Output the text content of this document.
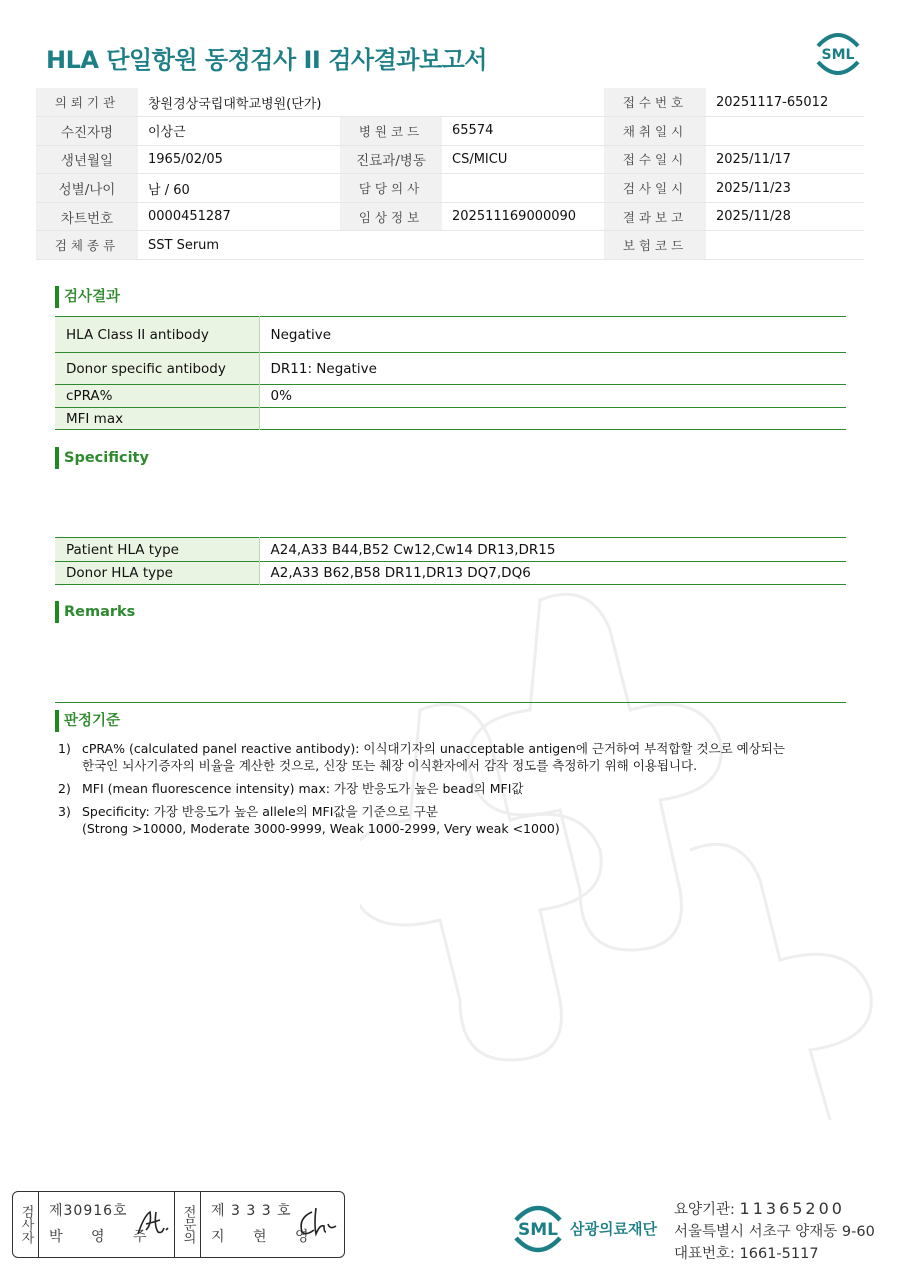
HLA 단일항원 동정검사 II 검사결과보고서	SML
의뢰기관	창원경상국립대학교병원(단가)			접수번호	20251117-65012
수진자명	이상근	병원코드	65574	채취일시	
생년월일	1965/02/05	진료과/병동	CS/MICU	접수일시	2025/11/17
성별/나이	남 / 60	담당의사		검사일시	2025/11/23
차트번호	0000451287	임상정보	202511169000090	결과보고	2025/11/28
검체종류	SST Serum			보험코드	
검사결과
HLA Class II antibody	Negative
Donor specific antibody	DR11: Negative
cPRA%	0%
MFI max	
Specificity
Patient HLA type	A24,A33 B44,B52 Cw12,Cw14 DR13,DR15
Donor HLA type	A2,A33 B62,B58 DR11,DR13 DQ7,DQ6
Remarks
판정기준
1) cPRA% (calculated panel reactive antibody): 이식대기자의 unacceptable antigen에 근거하여 부적합할 것으로 예상되는
한국인 뇌사기증자의 비율을 계산한 것으로, 신장 또는 췌장 이식환자에서 감작 정도를 측정하기 위해 이용됩니다.
2) MFI (mean fluorescence intensity) max: 가장 반응도가 높은 bead의 MFI값
3) Specificity: 가장 반응도가 높은 allele의 MFI값을 기준으로 구분
(Strong >10000, Moderate 3000-9999, Weak 1000-2999, Very weak <1000)
검사자 제30916호
박 영 주	전문의 제 3 3 3 호
지 현 영	SML 삼광의료재단
요양기관: 11365200
서울특별시 서초구 양재동 9-60
대표번호: 1661-5117
